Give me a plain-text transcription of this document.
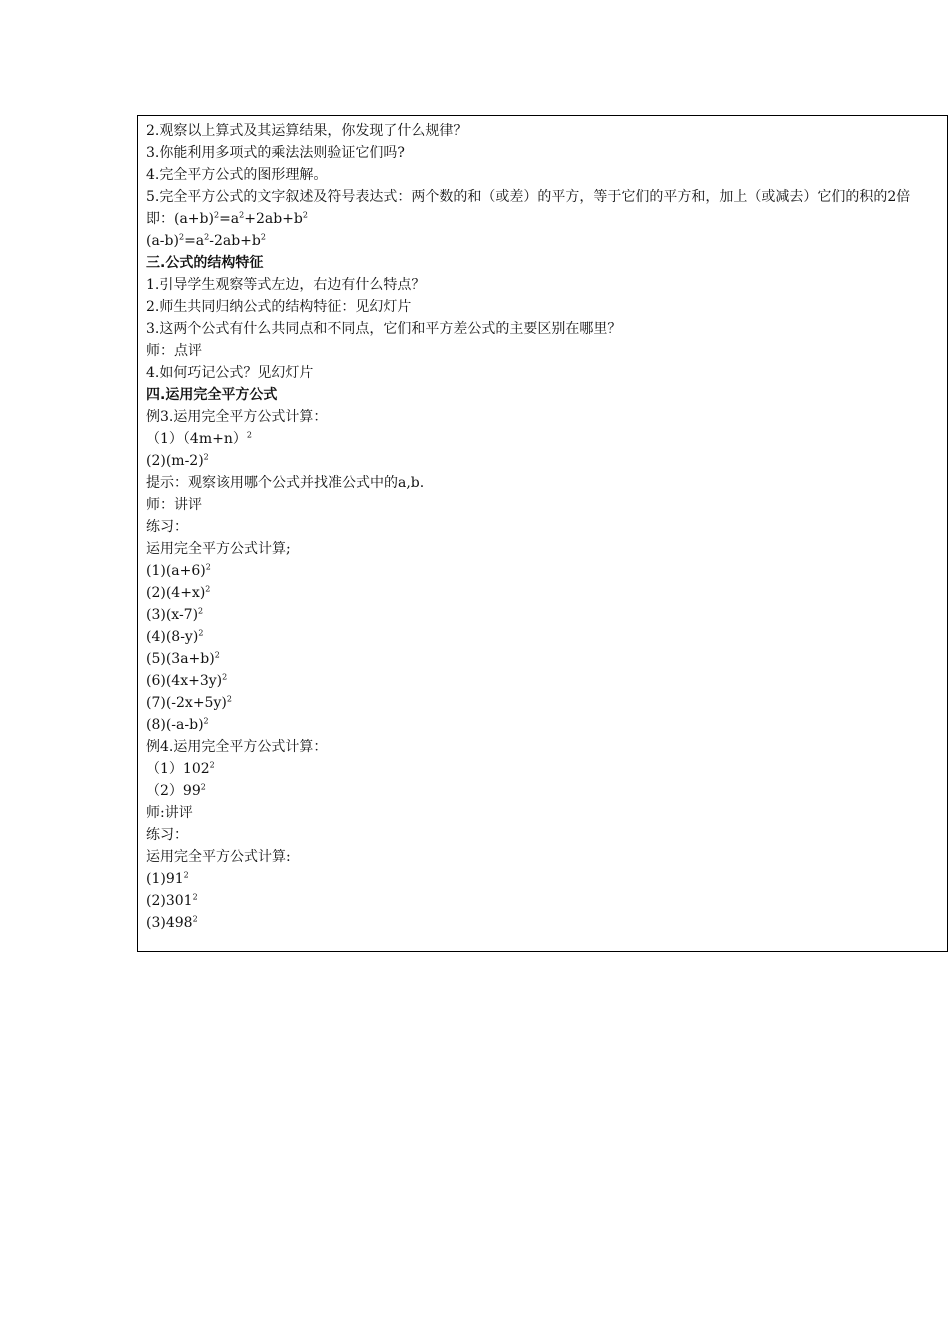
2.观察以上算式及其运算结果，你发现了什么规律？
3.你能利用多项式的乘法法则验证它们吗?
4.完全平方公式的图形理解。
5.完全平方公式的文字叙述及符号表达式：两个数的和（或差）的平方，等于它们的平方和，加上（或减去）它们的积的2倍
即：$(a+b)^2=a^2+2ab+b^2$
$(a-b)^2=a^2-2ab+b^2$
三.公式的结构特征
1.引导学生观察等式左边，右边有什么特点？
2.师生共同归纳公式的结构特征：见幻灯片
3.这两个公式有什么共同点和不同点，它们和平方差公式的主要区别在哪里？
师：点评
4.如何巧记公式？见幻灯片
四.运用完全平方公式
例3.运用完全平方公式计算：
$(1)(4m+n)^2$
$(2)(m-2)^2$
提示：观察该用哪个公式并找准公式中的a,b.
师：讲评
练习：
运用完全平方公式计算;
$(1)(a+6)^2$
$(2)(4+x)^2$
$(3)(x-7)^2$
$(4)(8-y)^2$
$(5)(3a+b)^2$
$(6)(4x+3y)^2$
$(7)(-2x+5y)^2$
$(8)(-a-b)^2$
例4.运用完全平方公式计算：
$(1)102^2$
$(2)99^2$
师:讲评
练习：
运用完全平方公式计算:
$(1)91^2$
$(2)301^2$
$(3)498^2$
